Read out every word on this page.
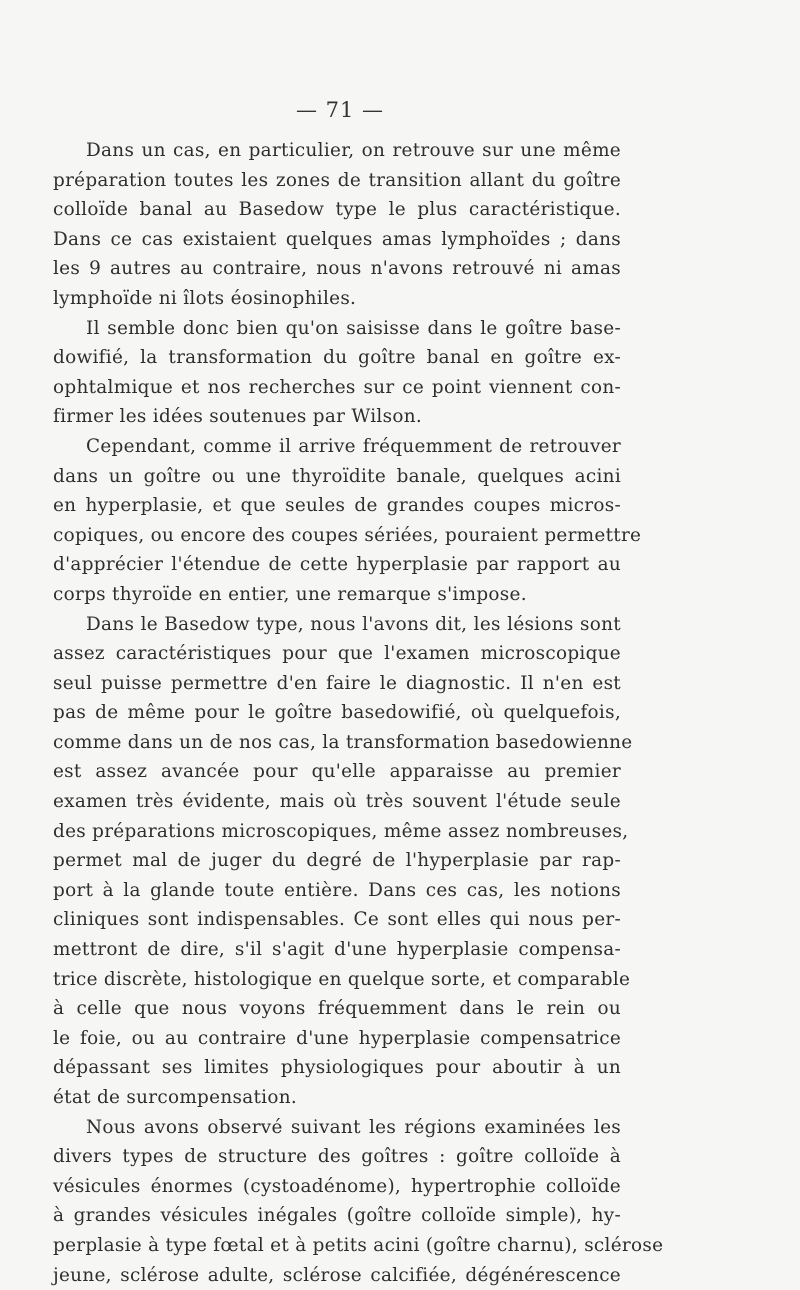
— 71 —
Dans un cas, en particulier, on retrouve sur une même
préparation toutes les zones de transition allant du goître
colloïde banal au Basedow type le plus caractéristique.
Dans ce cas existaient quelques amas lymphoïdes ; dans
les 9 autres au contraire, nous n'avons retrouvé ni amas
lymphoïde ni îlots éosinophiles.
Il semble donc bien qu'on saisisse dans le goître base-
dowifié, la transformation du goître banal en goître ex-
ophtalmique et nos recherches sur ce point viennent con-
firmer les idées soutenues par Wilson.
Cependant, comme il arrive fréquemment de retrouver
dans un goître ou une thyroïdite banale, quelques acini
en hyperplasie, et que seules de grandes coupes micros-
copiques, ou encore des coupes sériées, pouraient permettre
d'apprécier l'étendue de cette hyperplasie par rapport au
corps thyroïde en entier, une remarque s'impose.
Dans le Basedow type, nous l'avons dit, les lésions sont
assez caractéristiques pour que l'examen microscopique
seul puisse permettre d'en faire le diagnostic. Il n'en est
pas de même pour le goître basedowifié, où quelquefois,
comme dans un de nos cas, la transformation basedowienne
est assez avancée pour qu'elle apparaisse au premier
examen très évidente, mais où très souvent l'étude seule
des préparations microscopiques, même assez nombreuses,
permet mal de juger du degré de l'hyperplasie par rap-
port à la glande toute entière. Dans ces cas, les notions
cliniques sont indispensables. Ce sont elles qui nous per-
mettront de dire, s'il s'agit d'une hyperplasie compensa-
trice discrète, histologique en quelque sorte, et comparable
à celle que nous voyons fréquemment dans le rein ou
le foie, ou au contraire d'une hyperplasie compensatrice
dépassant ses limites physiologiques pour aboutir à un
état de surcompensation.
Nous avons observé suivant les régions examinées les
divers types de structure des goîtres : goître colloïde à
vésicules énormes (cystoadénome), hypertrophie colloïde
à grandes vésicules inégales (goître colloïde simple), hy-
perplasie à type fœtal et à petits acini (goître charnu), sclérose
jeune, sclérose adulte, sclérose calcifiée, dégénérescence
